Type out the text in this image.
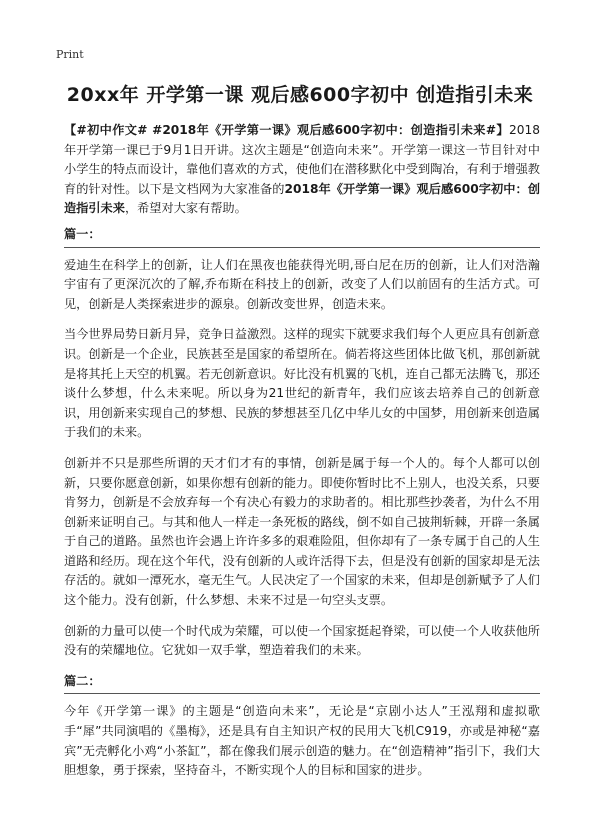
Print
20xx年 开学第一课 观后感600字初中 创造指引未来

【#初中作文# #2018年《开学第一课》观后感600字初中：创造指引未来#】2018年开学第一课已于9月1日开讲。这次主题是“创造向未来”。开学第一课这一节目针对中小学生的特点而设计，靠他们喜欢的方式，使他们在潜移默化中受到陶冶，有利于增强教育的针对性。以下是文档网为大家准备的2018年《开学第一课》观后感600字初中：创造指引未来，希望对大家有帮助。

篇一：

爱迪生在科学上的创新，让人们在黑夜也能获得光明,哥白尼在历的创新，让人们对浩瀚宇宙有了更深沉次的了解,乔布斯在科技上的创新，改变了人们以前固有的生活方式。可见，创新是人类探索进步的源泉。创新改变世界，创造未来。

当今世界局势日新月异，竞争日益激烈。这样的现实下就要求我们每个人更应具有创新意识。创新是一个企业，民族甚至是国家的希望所在。倘若将这些团体比做飞机，那创新就是将其托上天空的机翼。若无创新意识。好比没有机翼的飞机，连自己都无法腾飞，那还谈什么梦想，什么未来呢。所以身为21世纪的新青年，我们应该去培养自己的创新意识，用创新来实现自己的梦想、民族的梦想甚至几亿中华儿女的中国梦，用创新来创造属于我们的未来。

创新并不只是那些所谓的天才们才有的事情，创新是属于每一个人的。每个人都可以创新，只要你愿意创新，如果你想有创新的能力。即使你暂时比不上别人，也没关系，只要肯努力，创新是不会放弃每一个有决心有毅力的求助者的。相比那些抄袭者，为什么不用创新来证明自己。与其和他人一样走一条死板的路线，倒不如自己披荆斩棘，开辟一条属于自己的道路。虽然也许会遇上许许多多的艰难险阻，但你却有了一条专属于自己的人生道路和经历。现在这个年代，没有创新的人或许活得下去，但是没有创新的国家却是无法存活的。就如一潭死水，毫无生气。人民决定了一个国家的未来，但却是创新赋予了人们这个能力。没有创新，什么梦想、未来不过是一句空头支票。

创新的力量可以使一个时代成为荣耀，可以使一个国家挺起脊梁，可以使一个人收获他所没有的荣耀地位。它犹如一双手掌，塑造着我们的未来。

篇二：

今年《开学第一课》的主题是“创造向未来”，无论是“京剧小达人”王泓翔和虚拟歌手“犀”共同演唱的《墨梅》，还是具有自主知识产权的民用大飞机C919，亦或是神秘“嘉宾”无壳孵化小鸡“小茶缸”，都在像我们展示创造的魅力。在“创造精神”指引下，我们大胆想象，勇于探索，坚持奋斗，不断实现个人的目标和国家的进步。
